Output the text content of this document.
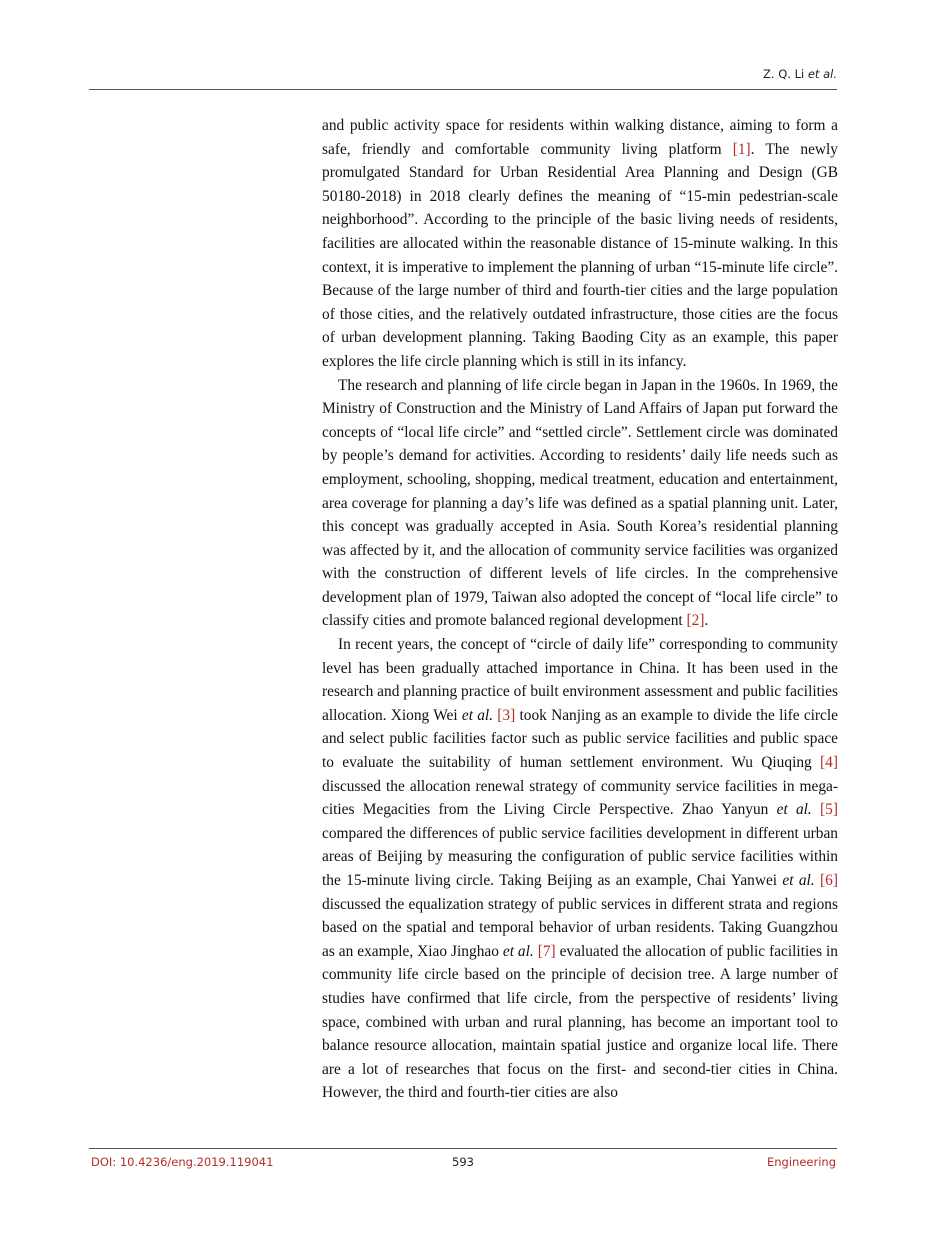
Z. Q. Li et al.

and public activity space for residents within walking distance, aiming to form a safe, friendly and comfortable community living platform [1]. The newly promulgated Standard for Urban Residential Area Planning and Design (GB 50180-2018) in 2018 clearly defines the meaning of “15-min pedestrian-scale neighborhood”. According to the principle of the basic living needs of residents, facilities are allocated within the reasonable distance of 15-minute walking. In this context, it is imperative to implement the planning of urban “15-minute life circle”. Because of the large number of third and fourth-tier cities and the large population of those cities, and the relatively outdated infrastructure, those cities are the focus of urban development planning. Taking Baoding City as an example, this paper explores the life circle planning which is still in its infancy.

The research and planning of life circle began in Japan in the 1960s. In 1969, the Ministry of Construction and the Ministry of Land Affairs of Japan put forward the concepts of “local life circle” and “settled circle”. Settlement circle was dominated by people’s demand for activities. According to residents’ daily life needs such as employment, schooling, shopping, medical treatment, education and entertainment, area coverage for planning a day’s life was defined as a spatial planning unit. Later, this concept was gradually accepted in Asia. South Korea’s residential planning was affected by it, and the allocation of community service facilities was organized with the construction of different levels of life circles. In the comprehensive development plan of 1979, Taiwan also adopted the concept of “local life circle” to classify cities and promote balanced regional development [2].

In recent years, the concept of “circle of daily life” corresponding to community level has been gradually attached importance in China. It has been used in the research and planning practice of built environment assessment and public facilities allocation. Xiong Wei et al. [3] took Nanjing as an example to divide the life circle and select public facilities factor such as public service facilities and public space to evaluate the suitability of human settlement environment. Wu Qiuqing [4] discussed the allocation renewal strategy of community service facilities in mega-cities Megacities from the Living Circle Perspective. Zhao Yanyun et al. [5] compared the differences of public service facilities development in different urban areas of Beijing by measuring the configuration of public service facilities within the 15-minute living circle. Taking Beijing as an example, Chai Yanwei et al. [6] discussed the equalization strategy of public services in different strata and regions based on the spatial and temporal behavior of urban residents. Taking Guangzhou as an example, Xiao Jinghao et al. [7] evaluated the allocation of public facilities in community life circle based on the principle of decision tree. A large number of studies have confirmed that life circle, from the perspective of residents’ living space, combined with urban and rural planning, has become an important tool to balance resource allocation, maintain spatial justice and organize local life. There are a lot of researches that focus on the first- and second-tier cities in China. However, the third and fourth-tier cities are also

DOI: 10.4236/eng.2019.119041	593	Engineering
